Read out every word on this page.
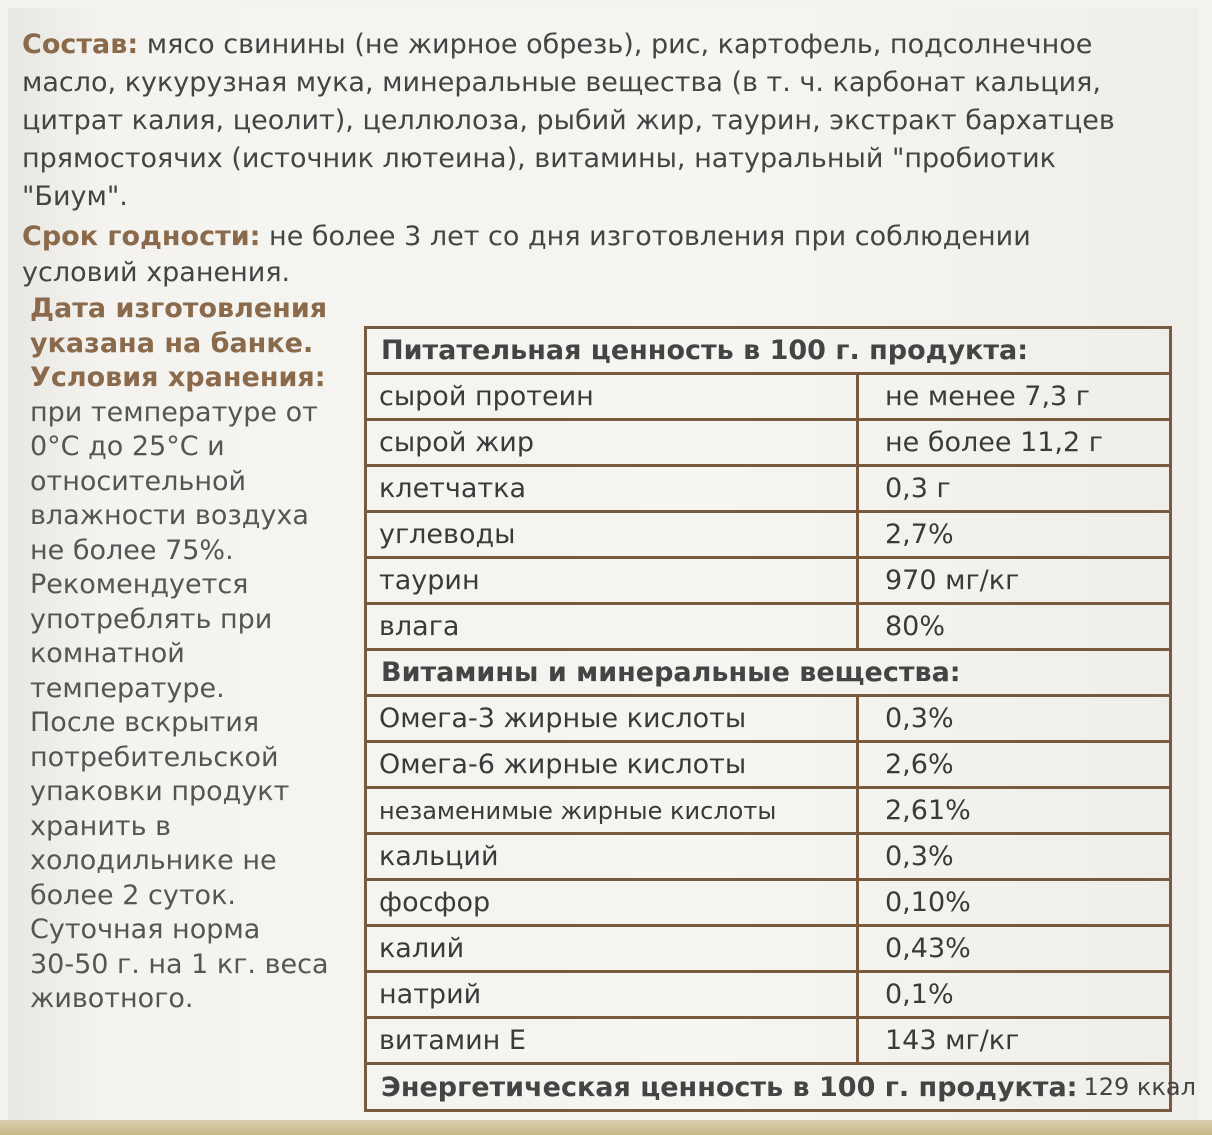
Состав: мясо свинины (не жирное обрезь), рис, картофель, подсолнечное
масло, кукурузная мука, минеральные вещества (в т. ч. карбонат кальция,
цитрат калия, цеолит), целлюлоза, рыбий жир, таурин, экстракт бархатцев
прямостоячих (источник лютеина), витамины, натуральный "пробиотик
"Биум".
Срок годности: не более 3 лет со дня изготовления при соблюдении
условий хранения.
Дата изготовления
указана на банке.
Условия хранения:
при температуре от
0°С до 25°С и
относительной
влажности воздуха
не более 75%.
Рекомендуется
употреблять при
комнатной
температуре.
После вскрытия
потребительской
упаковки продукт
хранить в
холодильнике не
более 2 суток.
Суточная норма
30-50 г. на 1 кг. веса
животного.
Питательная ценность в 100 г. продукта:
сырой протеин	не менее 7,3 г
сырой жир	не более 11,2 г
клетчатка	0,3 г
углеводы	2,7%
таурин	970 мг/кг
влага	80%
Витамины и минеральные вещества:
Омега-3 жирные кислоты	0,3%
Омега-6 жирные кислоты	2,6%
незаменимые жирные кислоты	2,61%
кальций	0,3%
фосфор	0,10%
калий	0,43%
натрий	0,1%
витамин Е	143 мг/кг
Энергетическая ценность в 100 г. продукта: 129 ккал
